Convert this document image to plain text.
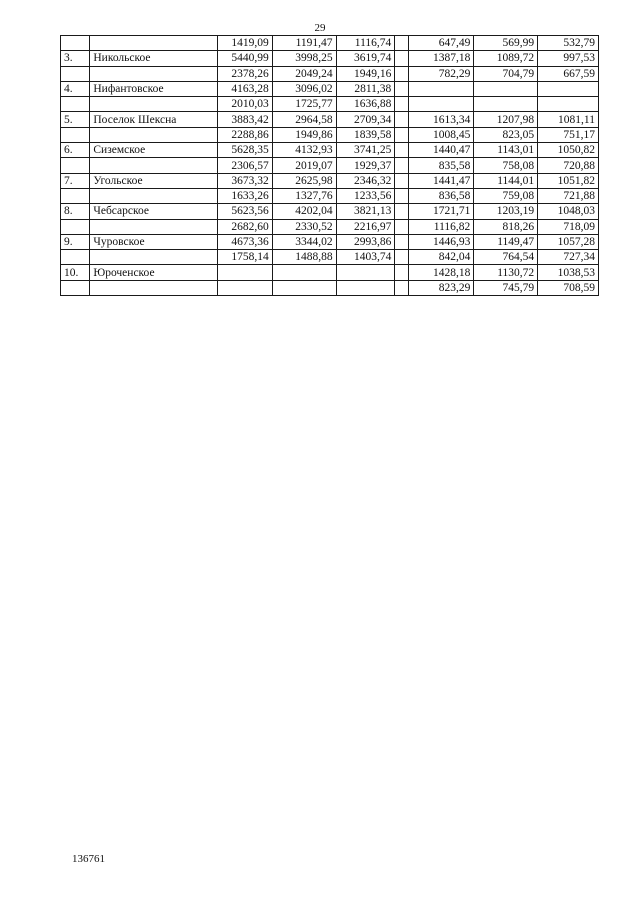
29
		1419,09	1191,47	1116,74		647,49	569,99	532,79
3.	Никольское	5440,99	3998,25	3619,74		1387,18	1089,72	997,53
		2378,26	2049,24	1949,16		782,29	704,79	667,59
4.	Нифантовское	4163,28	3096,02	2811,38				
		2010,03	1725,77	1636,88				
5.	Поселок Шексна	3883,42	2964,58	2709,34		1613,34	1207,98	1081,11
		2288,86	1949,86	1839,58		1008,45	823,05	751,17
6.	Сиземское	5628,35	4132,93	3741,25		1440,47	1143,01	1050,82
		2306,57	2019,07	1929,37		835,58	758,08	720,88
7.	Угольское	3673,32	2625,98	2346,32		1441,47	1144,01	1051,82
		1633,26	1327,76	1233,56		836,58	759,08	721,88
8.	Чебсарское	5623,56	4202,04	3821,13		1721,71	1203,19	1048,03
		2682,60	2330,52	2216,97		1116,82	818,26	718,09
9.	Чуровское	4673,36	3344,02	2993,86		1446,93	1149,47	1057,28
		1758,14	1488,88	1403,74		842,04	764,54	727,34
10.	Юроченское					1428,18	1130,72	1038,53
						823,29	745,79	708,59
136761
